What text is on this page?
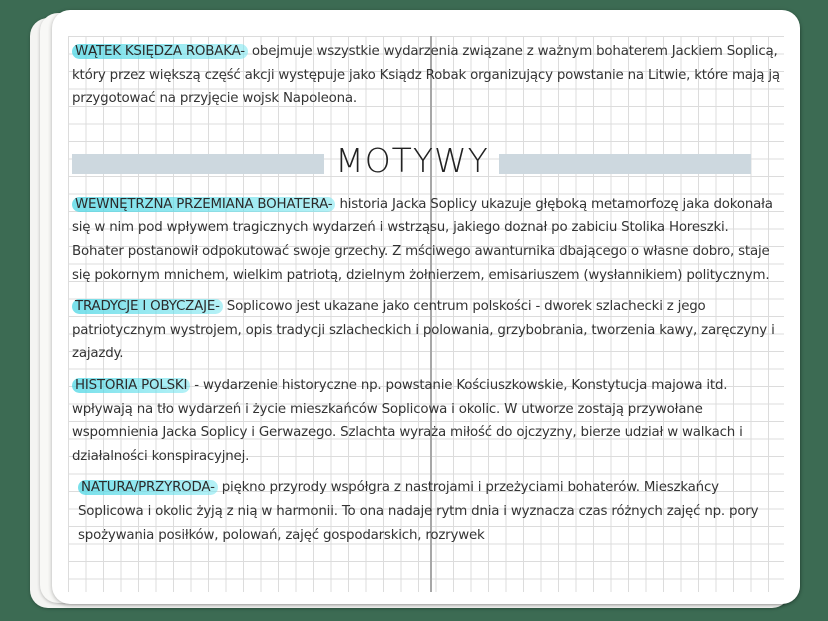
WĄTEK KSIĘDZA ROBAKA- obejmuje wszystkie wydarzenia związane z ważnym bohaterem Jackiem Soplicą, który przez większą część akcji występuje jako Ksiądz Robak organizujący powstanie na Litwie, które mają ją przygotować na przyjęcie wojsk Napoleona.

MOTYWY

WEWNĘTRZNA PRZEMIANA BOHATERA- historia Jacka Soplicy ukazuje głęboką metamorfozę jaka dokonała się w nim pod wpływem tragicznych wydarzeń i wstrząsu, jakiego doznał po zabiciu Stolika Horeszki. Bohater postanowił odpokutować swoje grzechy. Z mściwego awanturnika dbającego o własne dobro, staje się pokornym mnichem, wielkim patriotą, dzielnym żołnierzem, emisariuszem (wysłannikiem) politycznym.

TRADYCJE I OBYCZAJE- Soplicowo jest ukazane jako centrum polskości - dworek szlachecki z jego patriotycznym wystrojem, opis tradycji szlacheckich i polowania, grzybobrania, tworzenia kawy, zaręczyny i zajazdy.

HISTORIA POLSKI - wydarzenie historyczne np. powstanie Kościuszkowskie, Konstytucja majowa itd. wpływają na tło wydarzeń i życie mieszkańców Soplicowa i okolic. W utworze zostają przywołane wspomnienia Jacka Soplicy i Gerwazego. Szlachta wyraża miłość do ojczyzny, bierze udział w walkach i działalności konspiracyjnej.

NATURA/PRZYRODA- piękno przyrody współgra z nastrojami i przeżyciami bohaterów. Mieszkańcy Soplicowa i okolic żyją z nią w harmonii. To ona nadaje rytm dnia i wyznacza czas różnych zajęć np. pory spożywania posiłków, polowań, zajęć gospodarskich, rozrywek
